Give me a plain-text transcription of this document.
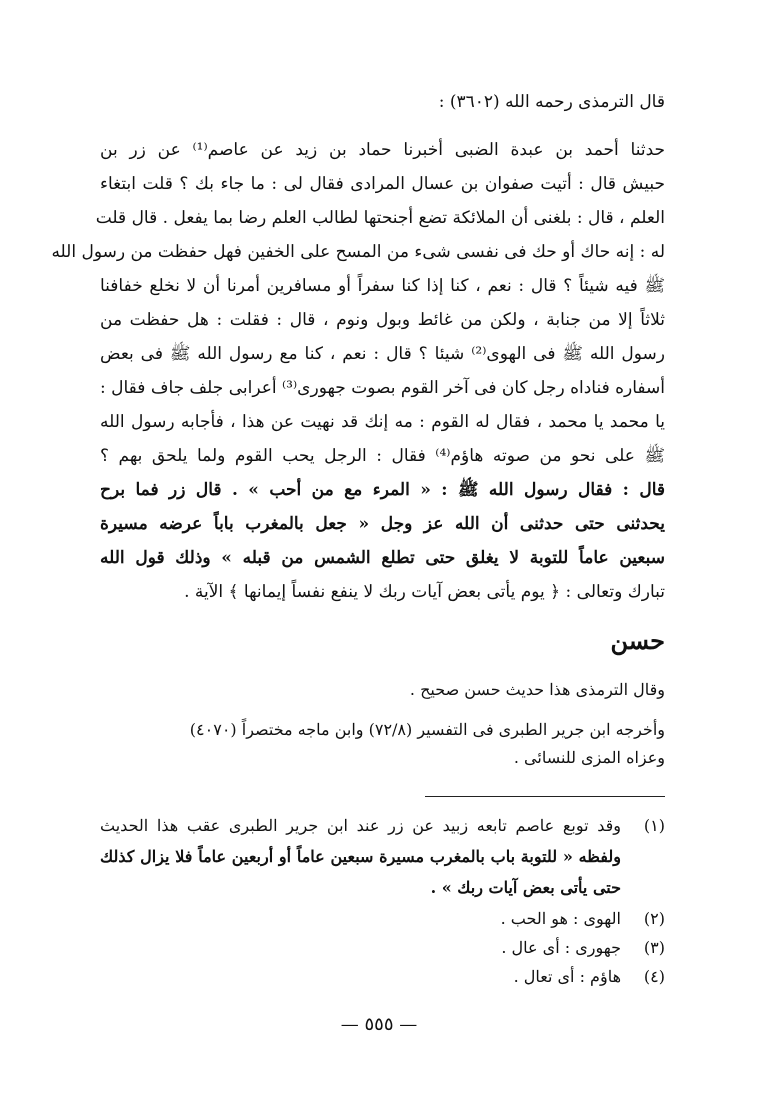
قال الترمذى رحمه الله (٣٦٠٢) :
حدثنا أحمد بن عبدة الضبى أخبرنا حماد بن زيد عن عاصم⁽¹⁾ عن زر بن
حبيش قال : أتيت صفوان بن عسال المرادى فقال لى : ما جاء بك ؟ قلت ابتغاء
العلم ، قال : بلغنى أن الملائكة تضع أجنحتها لطالب العلم رضا بما يفعل . قال قلت
له : إنه حاك أو حك فى نفسى شىء من المسح على الخفين فهل حفظت من رسول الله
ﷺ فيه شيئاً ؟ قال : نعم ، كنا إذا كنا سفراً أو مسافرين أمرنا أن لا نخلع خفافنا
ثلاثاً إلا من جنابة ، ولكن من غائط وبول ونوم ، قال : فقلت : هل حفظت من
رسول الله ﷺ فى الهوى⁽²⁾ شيئا ؟ قال : نعم ، كنا مع رسول الله ﷺ فى بعض
أسفاره فناداه رجل كان فى آخر القوم بصوت جهورى⁽³⁾ أعرابى جلف جاف فقال :
يا محمد يا محمد ، فقال له القوم : مه إنك قد نهيت عن هذا ، فأجابه رسول الله
ﷺ على نحو من صوته هاؤم⁽⁴⁾ فقال : الرجل يحب القوم ولما يلحق بهم ؟
قال : فقال رسول الله ﷺ : « المرء مع من أحب » . قال زر فما برح
يحدثنى حتى حدثنى أن الله عز وجل « جعل بالمغرب باباً عرضه مسيرة
سبعين عاماً للتوبة لا يغلق حتى تطلع الشمس من قبله » وذلك قول الله
تبارك وتعالى : ﴿ يوم يأتى بعض آيات ربك لا ينفع نفساً إيمانها ﴾ الآية .
حسن
وقال الترمذى هذا حديث حسن صحيح .
وأخرجه ابن جرير الطبرى فى التفسير (٧٢/٨) وابن ماجه مختصراً (٤٠٧٠)
وعزاه المزى للنسائى .
(١)
وقد توبع عاصم تابعه زبيد عن زر عند ابن جرير الطبرى عقب هذا الحديث
ولفظه « للتوبة باب بالمغرب مسيرة سبعين عاماً أو أربعين عاماً فلا يزال كذلك
حتى يأتى بعض آيات ربك » .
(٢)
الهوى : هو الحب .
(٣)
جهورى : أى عال .
(٤)
هاؤم : أى تعال .
— ٥٥٥ —
